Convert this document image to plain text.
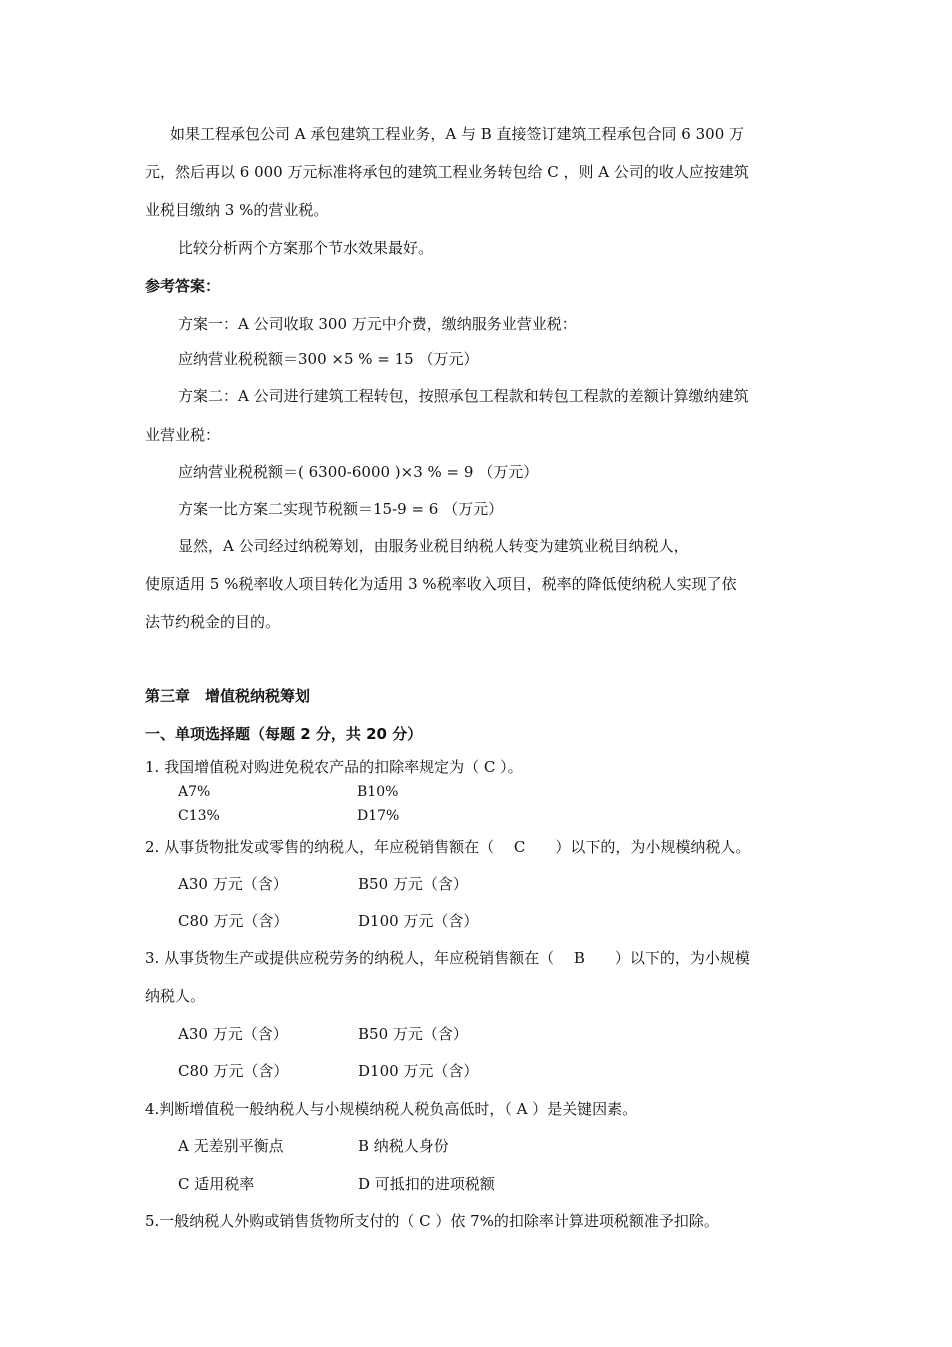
如果工程承包公司 A 承包建筑工程业务，A 与 B 直接签订建筑工程承包合同 6 300 万
元，然后再以 6 000 万元标准将承包的建筑工程业务转包给 C ，则 A 公司的收人应按建筑
业税目缴纳 3 %的营业税。
比较分析两个方案那个节水效果最好。
参考答案：
方案一：A 公司收取 300 万元中介费，缴纳服务业营业税：
应纳营业税税额＝300 ×5 % = 15 （万元）
方案二：A 公司进行建筑工程转包，按照承包工程款和转包工程款的差额计算缴纳建筑
业营业税：
应纳营业税税额＝( 6300-6000 )×3 % = 9 （万元）
方案一比方案二实现节税额＝15-9 = 6 （万元）
显然，A 公司经过纳税筹划，由服务业税目纳税人转变为建筑业税目纳税人，
使原适用 5 %税率收人项目转化为适用 3 %税率收入项目，税率的降低使纳税人实现了依
法节约税金的目的。
第三章　增值税纳税筹划
一、单项选择题（每题 2 分，共 20 分）
1. 我国增值税对购进免税农产品的扣除率规定为（ C ）。
A7%	B10%
C13%	D17%
2. 从事货物批发或零售的纳税人，年应税销售额在（　 C　　）以下的，为小规模纳税人。
A30 万元（含）	B50 万元（含）
C80 万元（含）	D100 万元（含）
3. 从事货物生产或提供应税劳务的纳税人，年应税销售额在（　 B　　）以下的，为小规模
纳税人。
A30 万元（含）	B50 万元（含）
C80 万元（含）	D100 万元（含）
4.判断增值税一般纳税人与小规模纳税人税负高低时，（ A ）是关键因素。
A 无差别平衡点	B 纳税人身份
C 适用税率	D 可抵扣的进项税额
5.一般纳税人外购或销售货物所支付的（ C ）依 7%的扣除率计算进项税额准予扣除。
